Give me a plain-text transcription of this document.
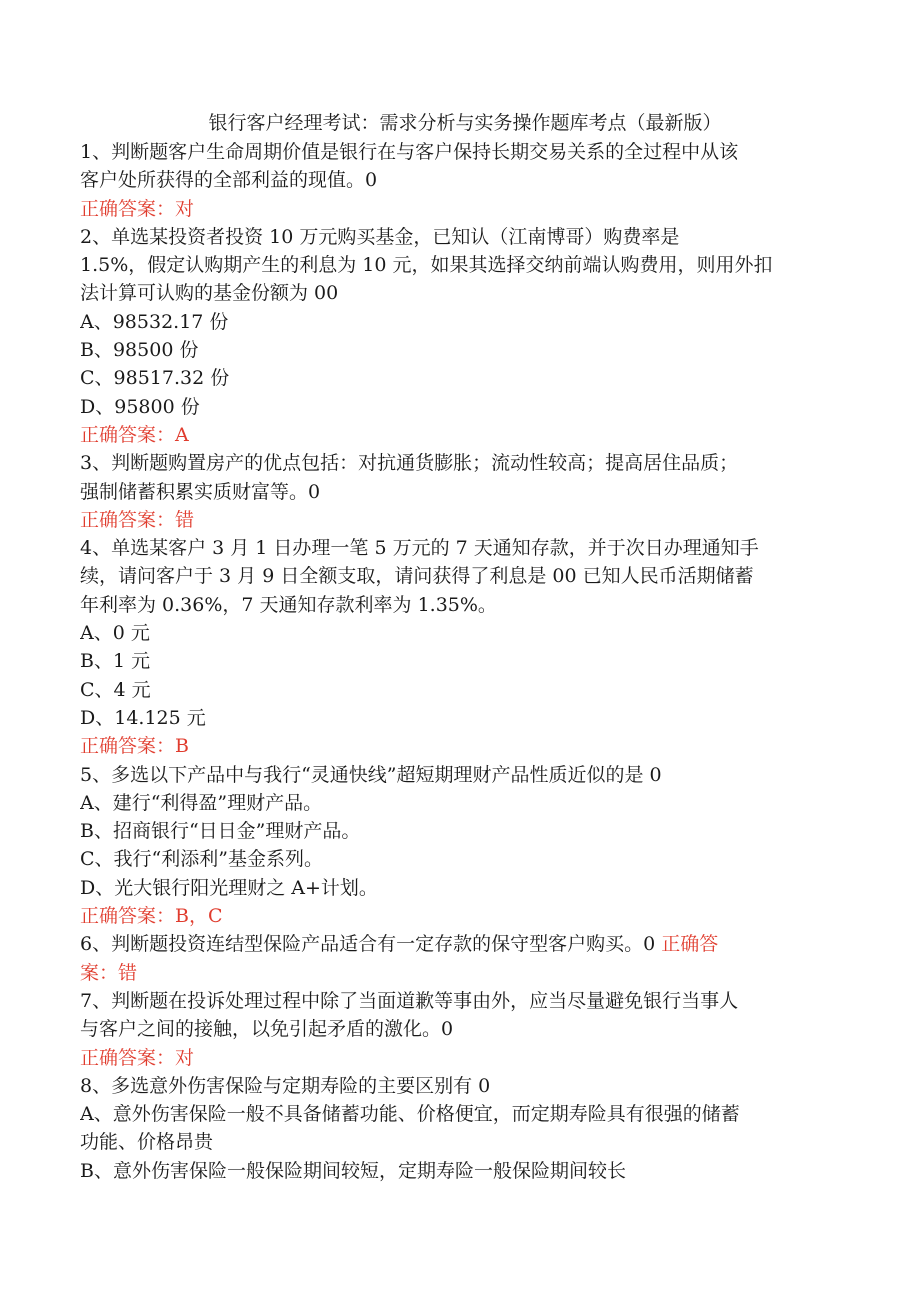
银行客户经理考试：需求分析与实务操作题库考点（最新版）
1、判断题客户生命周期价值是银行在与客户保持长期交易关系的全过程中从该
客户处所获得的全部利益的现值。0
正确答案：对
2、单选某投资者投资 10 万元购买基金，已知认（江南博哥）购费率是
1.5%，假定认购期产生的利息为 10 元，如果其选择交纳前端认购费用，则用外扣
法计算可认购的基金份额为 00
A、98532.17 份
B、98500 份
C、98517.32 份
D、95800 份
正确答案：A
3、判断题购置房产的优点包括：对抗通货膨胀；流动性较高；提高居住品质；
强制储蓄积累实质财富等。0
正确答案：错
4、单选某客户 3 月 1 日办理一笔 5 万元的 7 天通知存款，并于次日办理通知手
续，请问客户于 3 月 9 日全额支取，请问获得了利息是 00 已知人民币活期储蓄
年利率为 0.36%，7 天通知存款利率为 1.35%。
A、0 元
B、1 元
C、4 元
D、14.125 元
正确答案：B
5、多选以下产品中与我行“灵通快线”超短期理财产品性质近似的是 0
A、建行“利得盈”理财产品。
B、招商银行“日日金”理财产品。
C、我行“利添利”基金系列。
D、光大银行阳光理财之 A+计划。
正确答案：B，C
6、判断题投资连结型保险产品适合有一定存款的保守型客户购买。0 正确答
案：错
7、判断题在投诉处理过程中除了当面道歉等事由外，应当尽量避免银行当事人
与客户之间的接触，以免引起矛盾的激化。0
正确答案：对
8、多选意外伤害保险与定期寿险的主要区别有 0
A、意外伤害保险一般不具备储蓄功能、价格便宜，而定期寿险具有很强的储蓄
功能、价格昂贵
B、意外伤害保险一般保险期间较短，定期寿险一般保险期间较长
